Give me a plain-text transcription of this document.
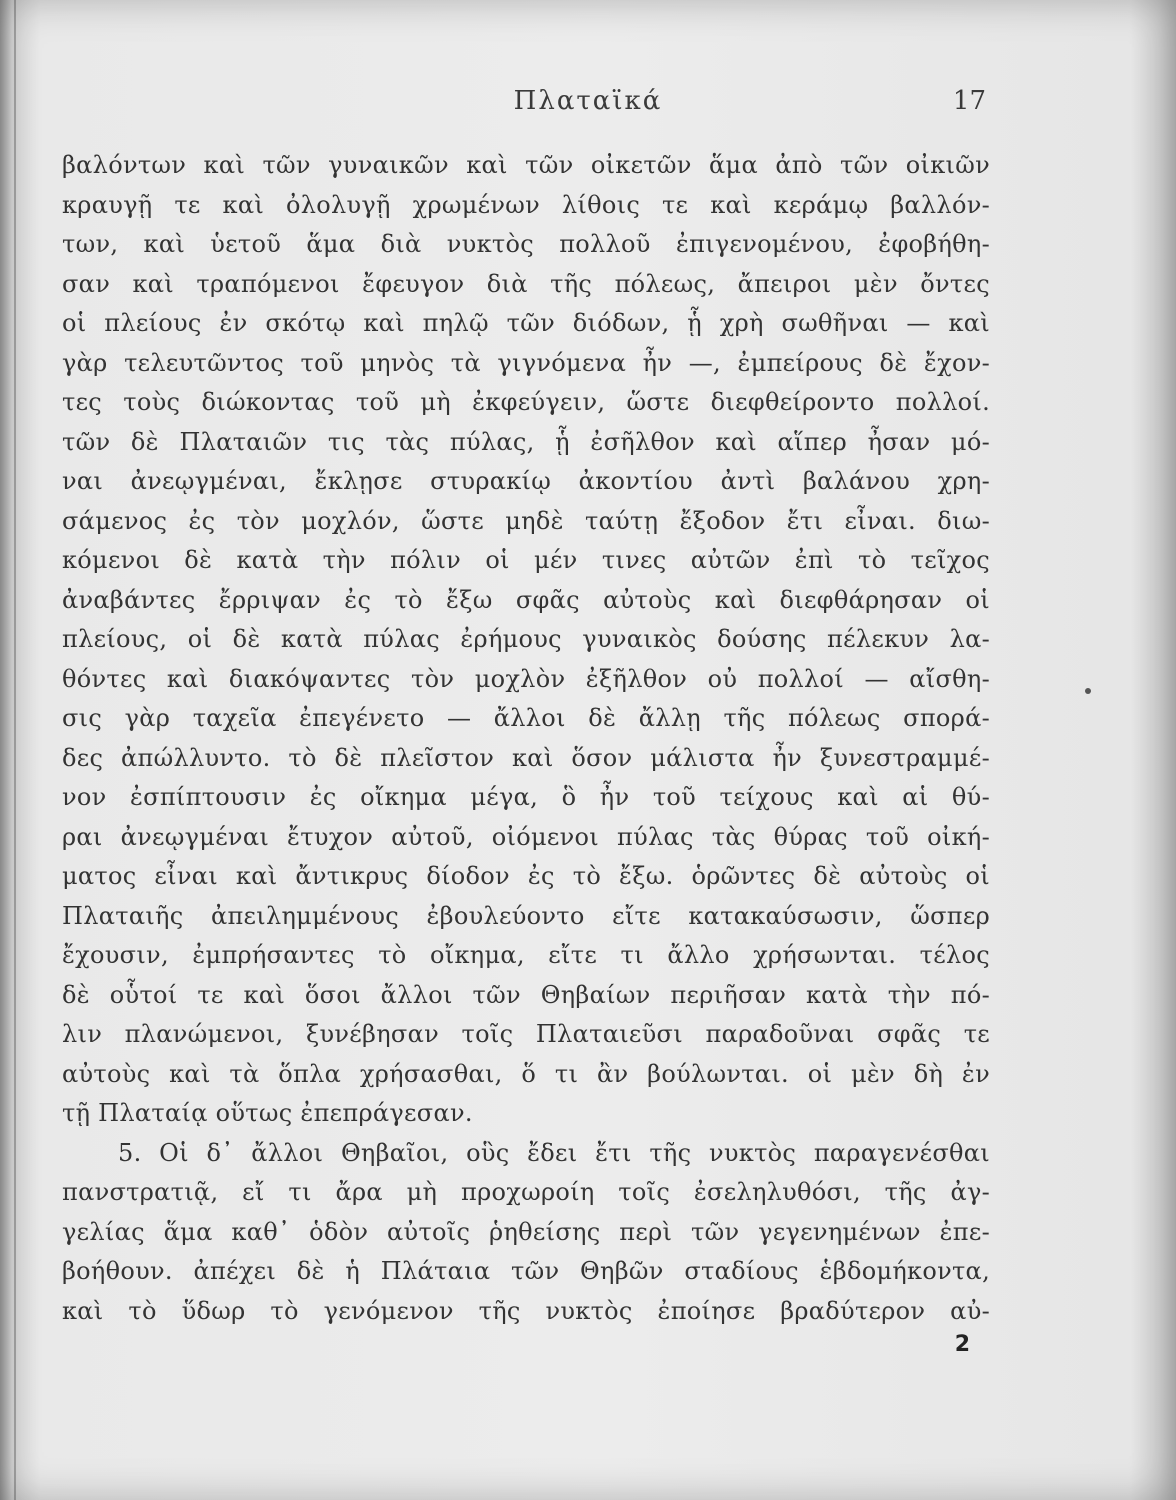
Πλαταϊκά	17
βαλόντων καὶ τῶν γυναικῶν καὶ τῶν οἰκετῶν ἅμα ἀπὸ τῶν οἰκιῶν
κραυγῇ τε καὶ ὀλολυγῇ χρωμένων λίθοις τε καὶ κεράμῳ βαλλόν-
των, καὶ ὑετοῦ ἅμα διὰ νυκτὸς πολλοῦ ἐπιγενομένου, ἐφοβήθη-
σαν καὶ τραπόμενοι ἔφευγον διὰ τῆς πόλεως, ἄπειροι μὲν ὄντες
οἱ πλείους ἐν σκότῳ καὶ πηλῷ τῶν διόδων, ᾗ χρὴ σωθῆναι — καὶ
γὰρ τελευτῶντος τοῦ μηνὸς τὰ γιγνόμενα ἦν —, ἐμπείρους δὲ ἔχον-
τες τοὺς διώκοντας τοῦ μὴ ἐκφεύγειν, ὥστε διεφθείροντο πολλοί.
τῶν δὲ Πλαταιῶν τις τὰς πύλας, ᾗ ἐσῆλθον καὶ αἵπερ ἦσαν μό-
ναι ἀνεῳγμέναι, ἔκλῃσε στυρακίῳ ἀκοντίου ἀντὶ βαλάνου χρη-
σάμενος ἐς τὸν μοχλόν, ὥστε μηδὲ ταύτῃ ἔξοδον ἔτι εἶναι. διω-
κόμενοι δὲ κατὰ τὴν πόλιν οἱ μέν τινες αὐτῶν ἐπὶ τὸ τεῖχος
ἀναβάντες ἔρριψαν ἐς τὸ ἔξω σφᾶς αὐτοὺς καὶ διεφθάρησαν οἱ
πλείους, οἱ δὲ κατὰ πύλας ἐρήμους γυναικὸς δούσης πέλεκυν λα-
θόντες καὶ διακόψαντες τὸν μοχλὸν ἐξῆλθον οὐ πολλοί — αἴσθη-
σις γὰρ ταχεῖα ἐπεγένετο — ἄλλοι δὲ ἄλλῃ τῆς πόλεως σπορά-
δες ἀπώλλυντο. τὸ δὲ πλεῖστον καὶ ὅσον μάλιστα ἦν ξυνεστραμμέ-
νον ἐσπίπτουσιν ἐς οἴκημα μέγα, ὃ ἦν τοῦ τείχους καὶ αἱ θύ-
ραι ἀνεῳγμέναι ἔτυχον αὐτοῦ, οἰόμενοι πύλας τὰς θύρας τοῦ οἰκή-
ματος εἶναι καὶ ἄντικρυς δίοδον ἐς τὸ ἔξω. ὁρῶντες δὲ αὐτοὺς οἱ
Πλαταιῆς ἀπειλημμένους ἐβουλεύοντο εἴτε κατακαύσωσιν, ὥσπερ
ἔχουσιν, ἐμπρήσαντες τὸ οἴκημα, εἴτε τι ἄλλο χρήσωνται. τέλος
δὲ οὗτοί τε καὶ ὅσοι ἄλλοι τῶν Θηβαίων περιῆσαν κατὰ τὴν πό-
λιν πλανώμενοι, ξυνέβησαν τοῖς Πλαταιεῦσι παραδοῦναι σφᾶς τε
αὐτοὺς καὶ τὰ ὅπλα χρήσασθαι, ὅ τι ἂν βούλωνται. οἱ μὲν δὴ ἐν
τῇ Πλαταίᾳ οὕτως ἐπεπράγεσαν.
5. Οἱ δ᾿ ἄλλοι Θηβαῖοι, οὓς ἔδει ἔτι τῆς νυκτὸς παραγενέσθαι
πανστρατιᾷ, εἴ τι ἄρα μὴ προχωροίη τοῖς ἐσεληλυθόσι, τῆς ἀγ-
γελίας ἅμα καθ᾿ ὁδὸν αὐτοῖς ῥηθείσης περὶ τῶν γεγενημένων ἐπε-
βοήθουν. ἀπέχει δὲ ἡ Πλάταια τῶν Θηβῶν σταδίους ἑβδομήκοντα,
καὶ τὸ ὕδωρ τὸ γενόμενον τῆς νυκτὸς ἐποίησε βραδύτερον αὐ-
2
